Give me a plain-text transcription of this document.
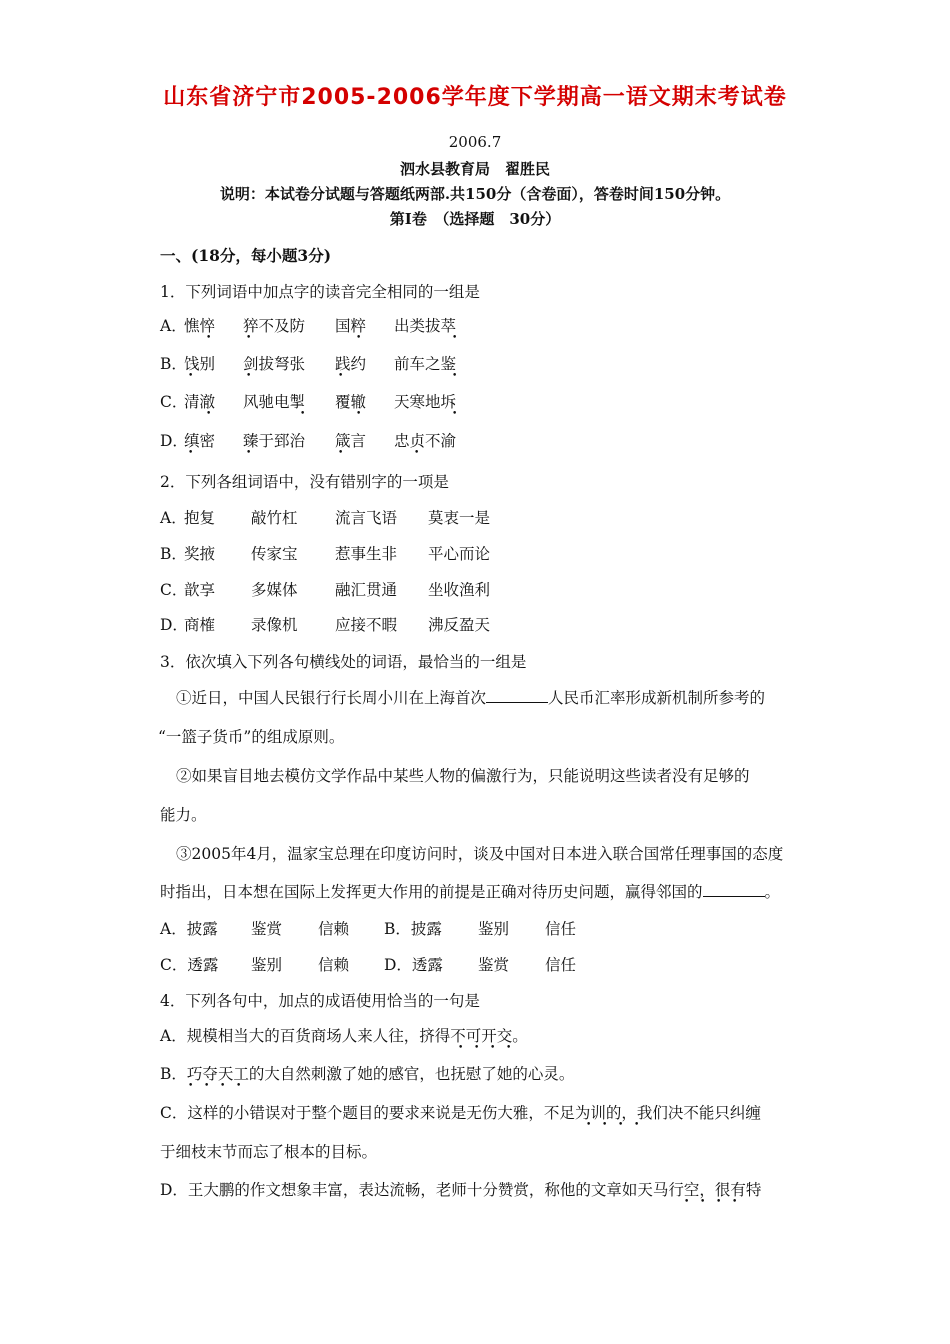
山东省济宁市2005-2006学年度下学期高一语文期末考试卷
2006.7
泗水县教育局　翟胜民
说明：本试卷分试题与答题纸两部.共150分（含卷面），答卷时间150分钟。
第Ⅰ卷　（选择题　30分）
一、(18分，每小题3分)
1．下列词语中加点字的读音完全相同的一组是
A．
憔悴 猝不及防 国粹 出类拔萃
B．
饯别 剑拔弩张 践约 前车之鉴
C．
清澈 风驰电掣 覆辙 天寒地坼
D．
缜密 臻于郅治 箴言 忠贞不渝
•	•	•	•
•	•	•	•
•	•	•	•
•	•	•	•
2．下列各组词语中，没有错别字的一项是
A．
抱复 敲竹杠 流言飞语 莫衷一是
B．
奖掖 传家宝 惹事生非 平心而论
C．
歆享 多媒体 融汇贯通 坐收渔利
D．
商榷 录像机 应接不暇 沸反盈天
3．依次填入下列各句横线处的词语，最恰当的一组是
①近日，中国人民银行行长周小川在上海首次	人民币汇率形成新机制所参考的
“一篮子货币”的组成原则。
②如果盲目地去模仿文学作品中某些人物的偏激行为，只能说明这些读者没有足够的
能力。
③2005年4月，温家宝总理在印度访问时，谈及中国对日本进入联合国常任理事国的态度
时指出，日本想在国际上发挥更大作用的前提是正确对待历史问题，赢得邻国的	。
A．披露 鉴赏 信赖 B．披露 鉴别 信任
C．透露 鉴别 信赖 D．透露 鉴赏 信任
4．下列各句中，加点的成语使用恰当的一句是
A．规模相当大的百货商场人来人往，挤得不可开交。
B．巧夺天工的大自然刺激了她的感官，也抚慰了她的心灵。
C．这样的小错误对于整个题目的要求来说是无伤大雅，不足为训的，我们决不能只纠缠
于细枝末节而忘了根本的目标。
D．王大鹏的作文想象丰富，表达流畅，老师十分赞赏，称他的文章如天马行空，很有特
• • • •
• • • •
• • • •
• • • •
